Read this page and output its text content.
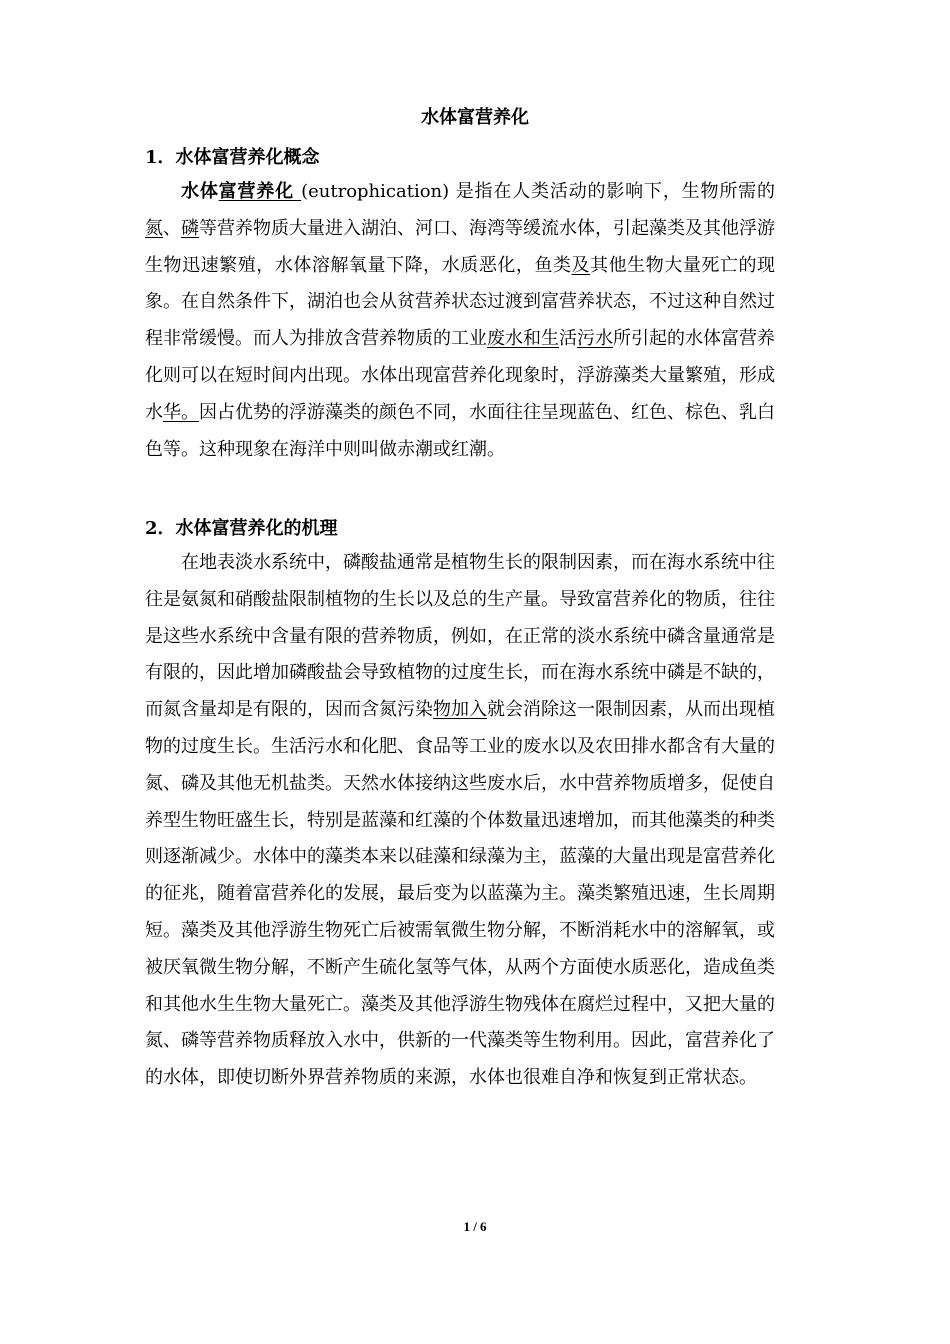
水体富营养化
1．水体富营养化概念
水体富营养化 (eutrophication) 是指在人类活动的影响下，生物所需的氮、磷等营养物质大量进入湖泊、河口、海湾等缓流水体，引起藻类及其他浮游生物迅速繁殖，水体溶解氧量下降，水质恶化，鱼类及其他生物大量死亡的现象。在自然条件下，湖泊也会从贫营养状态过渡到富营养状态，不过这种自然过程非常缓慢。而人为排放含营养物质的工业废水和生活污水所引起的水体富营养化则可以在短时间内出现。水体出现富营养化现象时，浮游藻类大量繁殖，形成水华。因占优势的浮游藻类的颜色不同，水面往往呈现蓝色、红色、棕色、乳白色等。这种现象在海洋中则叫做赤潮或红潮。
2．水体富营养化的机理
在地表淡水系统中，磷酸盐通常是植物生长的限制因素，而在海水系统中往往是氨氮和硝酸盐限制植物的生长以及总的生产量。导致富营养化的物质，往往是这些水系统中含量有限的营养物质，例如，在正常的淡水系统中磷含量通常是有限的，因此增加磷酸盐会导致植物的过度生长，而在海水系统中磷是不缺的，而氮含量却是有限的，因而含氮污染物加入就会消除这一限制因素，从而出现植物的过度生长。生活污水和化肥、食品等工业的废水以及农田排水都含有大量的氮、磷及其他无机盐类。天然水体接纳这些废水后，水中营养物质增多，促使自养型生物旺盛生长，特别是蓝藻和红藻的个体数量迅速增加，而其他藻类的种类则逐渐减少。水体中的藻类本来以硅藻和绿藻为主，蓝藻的大量出现是富营养化的征兆，随着富营养化的发展，最后变为以蓝藻为主。藻类繁殖迅速，生长周期短。藻类及其他浮游生物死亡后被需氧微生物分解，不断消耗水中的溶解氧，或被厌氧微生物分解，不断产生硫化氢等气体，从两个方面使水质恶化，造成鱼类和其他水生生物大量死亡。藻类及其他浮游生物残体在腐烂过程中，又把大量的氮、磷等营养物质释放入水中，供新的一代藻类等生物利用。因此，富营养化了的水体，即使切断外界营养物质的来源，水体也很难自净和恢复到正常状态。
1 / 6
